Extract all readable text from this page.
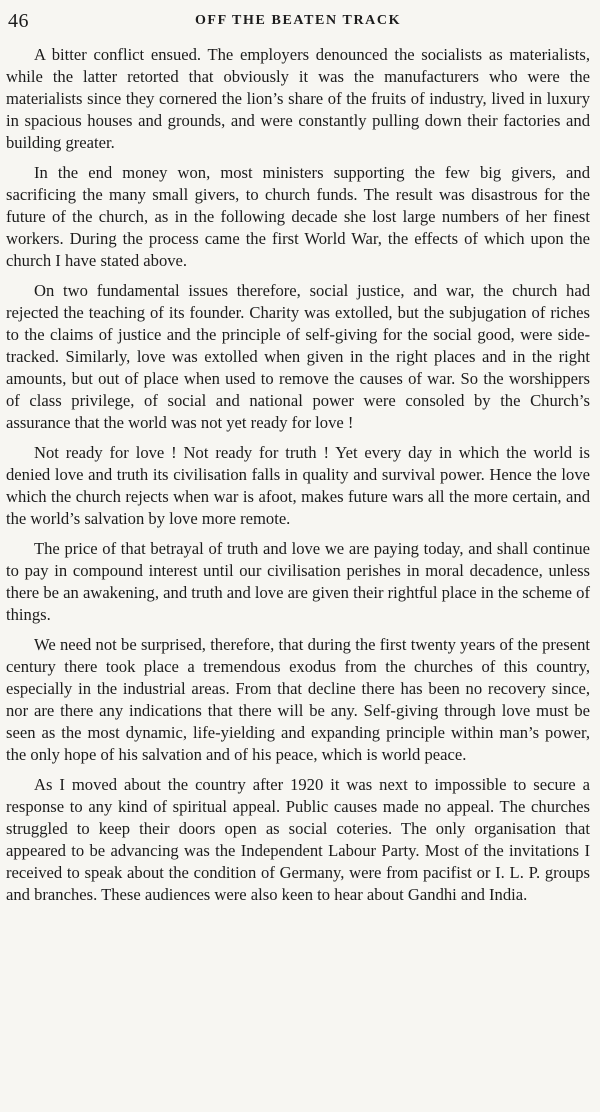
46	OFF THE BEATEN TRACK

A bitter conflict ensued. The employers denounced the socialists as materialists, while the latter retorted that obviously it was the manufacturers who were the materialists since they cornered the lion’s share of the fruits of industry, lived in luxury in spacious houses and grounds, and were constantly pulling down their factories and building greater.

In the end money won, most ministers supporting the few big givers, and sacrificing the many small givers, to church funds. The result was disastrous for the future of the church, as in the following decade she lost large numbers of her finest workers. During the process came the first World War, the effects of which upon the church I have stated above.

On two fundamental issues therefore, social justice, and war, the church had rejected the teaching of its founder. Charity was extolled, but the subjugation of riches to the claims of justice and the principle of self-giving for the social good, were side-tracked. Similarly, love was extolled when given in the right places and in the right amounts, but out of place when used to remove the causes of war. So the worshippers of class privilege, of social and national power were consoled by the Church’s assurance that the world was not yet ready for love !

Not ready for love ! Not ready for truth ! Yet every day in which the world is denied love and truth its civilisation falls in quality and survival power. Hence the love which the church rejects when war is afoot, makes future wars all the more certain, and the world’s salvation by love more remote.

The price of that betrayal of truth and love we are paying today, and shall continue to pay in compound interest until our civilisation perishes in moral decadence, unless there be an awakening, and truth and love are given their rightful place in the scheme of things.

We need not be surprised, therefore, that during the first twenty years of the present century there took place a tremendous exodus from the churches of this country, especially in the industrial areas. From that decline there has been no recovery since, nor are there any indications that there will be any. Self-giving through love must be seen as the most dynamic, life-yielding and expanding principle within man’s power, the only hope of his salvation and of his peace, which is world peace.

As I moved about the country after 1920 it was next to impossible to secure a response to any kind of spiritual appeal. Public causes made no appeal. The churches struggled to keep their doors open as social coteries. The only organisation that appeared to be advancing was the Independent Labour Party. Most of the invitations I received to speak about the condition of Germany, were from pacifist or I. L. P. groups and branches. These audiences were also keen to hear about Gandhi and India.
